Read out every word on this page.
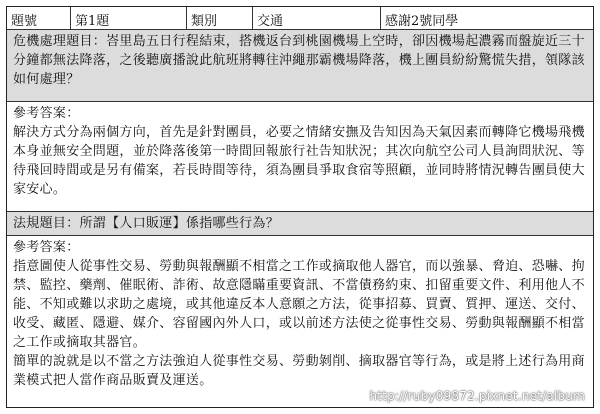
題號	第1題	類別	交通	感謝2號同學

危機處理題目：峇里島五日行程結束，搭機返台到桃園機場上空時，卻因機場起濃霧而盤旋近三十分鐘都無法降落，之後聽廣播說此航班將轉往沖繩那霸機場降落，機上團員紛紛驚慌失措，領隊該如何處理？

參考答案：

解決方式分為兩個方向，首先是針對團員，必要之情緒安撫及告知因為天氣因素而轉降它機場飛機本身並無安全問題，並於降落後第一時間回報旅行社告知狀況；其次向航空公司人員詢問狀況、等待飛回時間或是另有備案，若長時間等待，須為團員爭取食宿等照顧，並同時將情況轉告團員使大家安心。

法規題目：所謂【人口販運】係指哪些行為？

參考答案：

指意圖使人從事性交易、勞動與報酬顯不相當之工作或摘取他人器官，而以強暴、脅迫、恐嚇、拘禁、監控、藥劑、催眠術、詐術、故意隱瞞重要資訊、不當債務約束、扣留重要文件、利用他人不能、不知或難以求助之處境，或其他違反本人意願之方法，從事招募、買賣、質押、運送、交付、收受、藏匿、隱避、媒介、容留國內外人口，或以前述方法使之從事性交易、勞動與報酬顯不相當之工作或摘取其器官。

簡單的說就是以不當之方法強迫人從事性交易、勞動剝削、摘取器官等行為，或是將上述行為用商業模式把人當作商品販賣及運送。

http://ruby09872.pixnet.net/album
